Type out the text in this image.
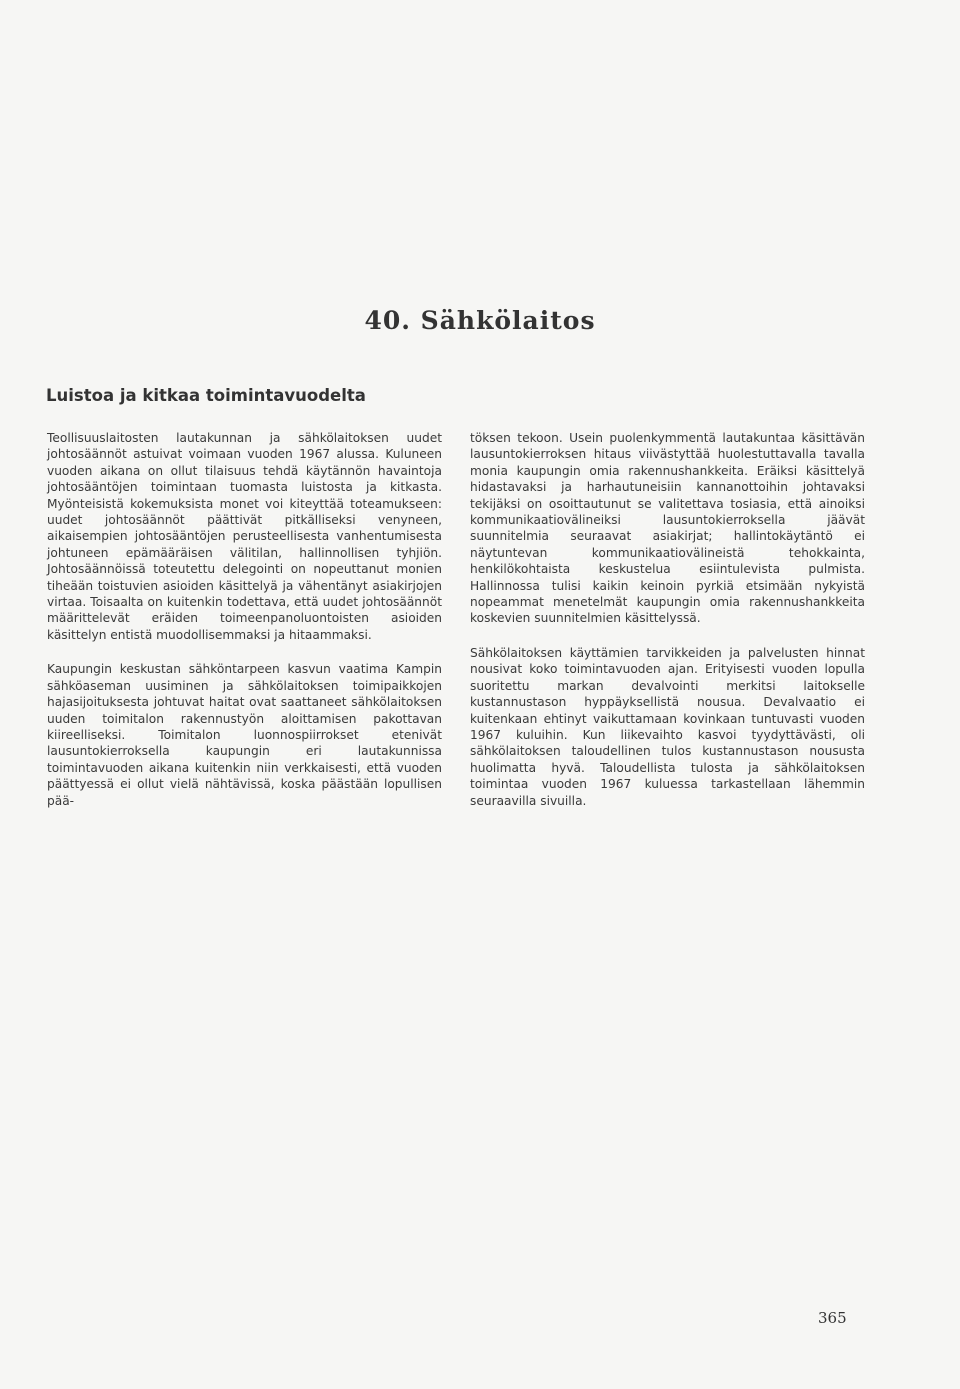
40. Sähkölaitos
Luistoa ja kitkaa toimintavuodelta

Teollisuuslaitosten lautakunnan ja sähkölaitoksen uudet johtosäännöt astuivat voimaan vuoden 1967 alussa. Kuluneen vuoden aikana on ollut tilaisuus tehdä käytännön havaintoja johtosääntöjen toimintaan tuomasta luistosta ja kitkasta. Myönteisistä kokemuksista monet voi kiteyttää toteamukseen: uudet johtosäännöt päättivät pitkälliseksi venyneen, aikaisempien johtosääntöjen perusteellisesta vanhentumisesta johtuneen epämääräisen välitilan, hallinnollisen tyhjiön. Johtosäännöissä toteutettu delegointi on nopeuttanut monien tiheään toistuvien asioiden käsittelyä ja vähentänyt asiakirjojen virtaa. Toisaalta on kuitenkin todettava, että uudet johtosäännöt määrittelevät eräiden toimeenpanoluontoisten asioiden käsittelyn entistä muodollisemmaksi ja hitaammaksi.

Kaupungin keskustan sähköntarpeen kasvun vaatima Kampin sähköaseman uusiminen ja sähkölaitoksen toimipaikkojen hajasijoituksesta johtuvat haitat ovat saattaneet sähkölaitoksen uuden toimitalon rakennustyön aloittamisen pakottavan kiireelliseksi. Toimitalon luonnospiirrokset etenivät lausuntokierroksella kaupungin eri lautakunnissa toimintavuoden aikana kuitenkin niin verkkaisesti, että vuoden päättyessä ei ollut vielä nähtävissä, koska päästään lopullisen pää-

töksen tekoon. Usein puolenkymmentä lautakuntaa käsittävän lausuntokierroksen hitaus viivästyttää huolestuttavalla tavalla monia kaupungin omia rakennushankkeita. Eräiksi käsittelyä hidastavaksi ja harhautuneisiin kannanottoihin johtavaksi tekijäksi on osoittautunut se valitettava tosiasia, että ainoiksi kommunikaatiovälineiksi lausuntokierroksella jäävät suunnitelmia seuraavat asiakirjat; hallintokäytäntö ei näytuntevan kommunikaatiovälineistä tehokkainta, henkilökohtaista keskustelua esiintulevista pulmista. Hallinnossa tulisi kaikin keinoin pyrkiä etsimään nykyistä nopeammat menetelmät kaupungin omia rakennushankkeita koskevien suunnitelmien käsittelyssä.

Sähkölaitoksen käyttämien tarvikkeiden ja palvelusten hinnat nousivat koko toimintavuoden ajan. Erityisesti vuoden lopulla suoritettu markan devalvointi merkitsi laitokselle kustannustason hyppäyksellistä nousua. Devalvaatio ei kuitenkaan ehtinyt vaikuttamaan kovinkaan tuntuvasti vuoden 1967 kuluihin. Kun liikevaihto kasvoi tyydyttävästi, oli sähkölaitoksen taloudellinen tulos kustannustason noususta huolimatta hyvä. Taloudellista tulosta ja sähkölaitoksen toimintaa vuoden 1967 kuluessa tarkastellaan lähemmin seuraavilla sivuilla.

365
